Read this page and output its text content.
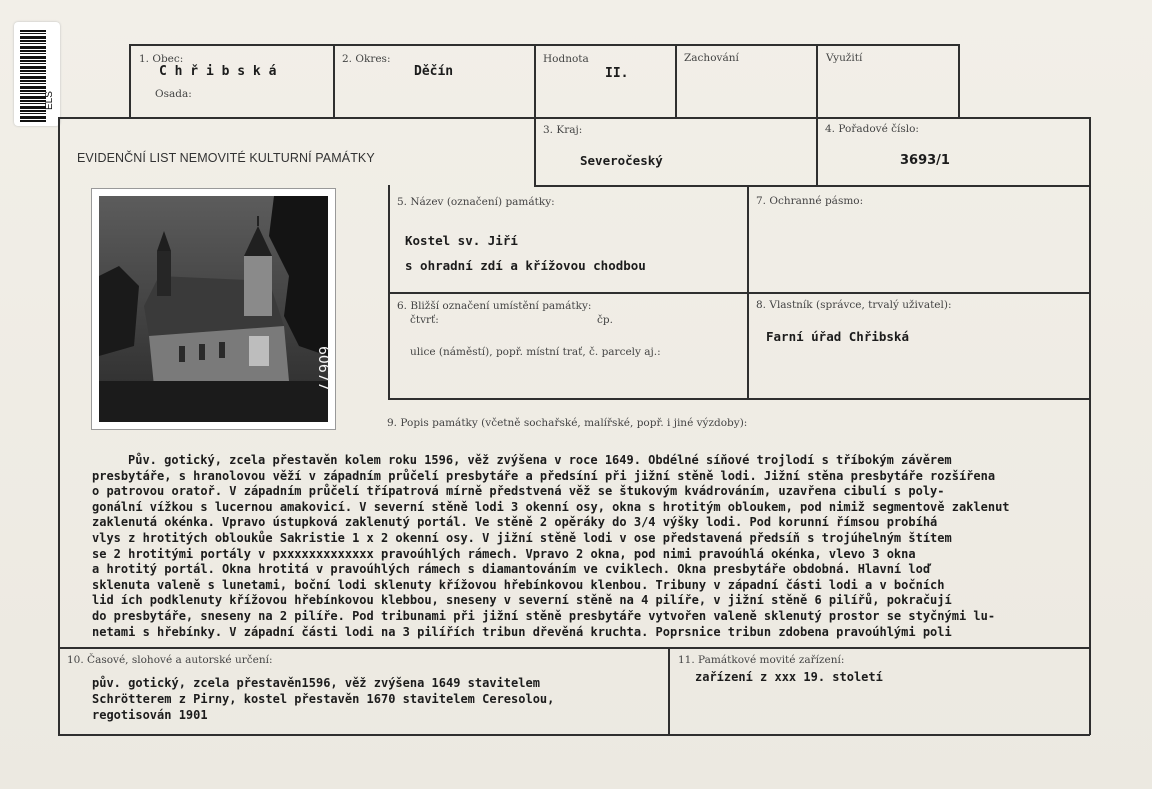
ELS
1. Obec:
C h ř i b s k á
Osada:
2. Okres:
Děčín
Hodnota
II.
Zachování	Využití
EVIDENČNÍ LIST NEMOVITÉ KULTURNÍ PAMÁTKY
3. Kraj:
Severočeský
4. Pořadové číslo:
3693/1
60677
5. Název (označení) památky:
Kostel sv. Jiří
s ohradní zdí a křížovou chodbou
7. Ochranné pásmo:
6. Bližší označení umístění památky:
čtvrť:	čp.
ulice (náměstí), popř. místní trať, č. parcely aj.:
8. Vlastník (správce, trvalý uživatel):
Farní úřad Chřibská
9. Popis památky (včetně sochařské, malířské, popř. i jiné výzdoby):
Pův. gotický, zcela přestavěn kolem roku 1596, věž zvýšena v roce 1649. Obdélné síňové trojlodí s tříbokým závěrem
presbytáře, s hranolovou věží v západním průčelí presbytáře a předsíní při jižní stěně lodi. Jižní stěna presbytáře rozšířena
o patrovou oratoř. V západním průčelí třípatrová mírně předstvená věž se štukovým kvádrováním, uzavřena cibulí s poly-
gonální vížkou s lucernou amakovicí. V severní stěně lodi 3 okenní osy, okna s hrotitým obloukem, pod nimiž segmentově zaklenut
zaklenutá okénka. Vpravo ústupková zaklenutý portál. Ve stěně 2 opěráky do 3/4 výšky lodi. Pod korunní římsou probíhá
vlys z hrotitých obloukůe Sakristie 1 x 2 okenní osy. V jižní stěně lodi v ose představená předsíň s trojúhelným štítem
se 2 hrotitými portály v pxxxxxxxxxxxxx pravoúhlých rámech. Vpravo 2 okna, pod nimi pravoúhlá okénka, vlevo 3 okna
a hrotitý portál. Okna hrotitá v pravoúhlých rámech s diamantováním ve cviklech. Okna presbytáře obdobná. Hlavní loď
sklenuta valeně s lunetami, boční lodi sklenuty křížovou hřebínkovou klenbou. Tribuny v západní části lodi a v bočních
lid ích podklenuty křížovou hřebínkovou klebbou, sneseny v severní stěně na 4 pilíře, v jižní stěně 6 pilířů, pokračují
do presbytáře, sneseny na 2 pilíře. Pod tribunami při jižní stěně presbytáře vytvořen valeně sklenutý prostor se styčnými lu-
netami s hřebínky. V západní části lodi na 3 pilířích tribun dřevěná kruchta. Poprsnice tribun zdobena pravoúhlými poli
10. Časové, slohové a autorské určení:
pův. gotický, zcela přestavěn1596, věž zvýšena 1649 stavitelem
Schrötterem z Pirny, kostel přestavěn 1670 stavitelem Ceresolou,
regotisován 1901
11. Památkové movité zařízení:
zařízení z xxx 19. století
